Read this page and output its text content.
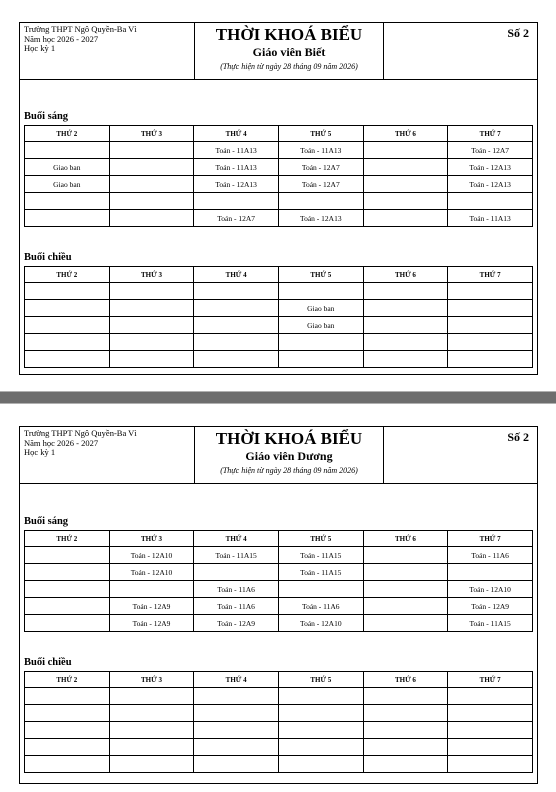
Trường THPT Ngô Quyền-Ba Vì
Năm học 2026 - 2027
Học kỳ 1
THỜI KHOÁ BIỂU
Giáo viên Biết
(Thực hiện từ ngày 28 tháng 09 năm 2026)
Số 2
Buổi sáng
THỨ 2	THỨ 3	THỨ 4	THỨ 5	THỨ 6	THỨ 7
		Toán - 11A13	Toán - 11A13		Toán - 12A7
Giao ban		Toán - 11A13	Toán - 12A7		Toán - 12A13
Giao ban		Toán - 12A13	Toán - 12A7		Toán - 12A13

		Toán - 12A7	Toán - 12A13		Toán - 11A13
Buổi chiều
THỨ 2	THỨ 3	THỨ 4	THỨ 5	THỨ 6	THỨ 7

			Giao ban		
			Giao ban		

Trường THPT Ngô Quyền-Ba Vì
Năm học 2026 - 2027
Học kỳ 1
THỜI KHOÁ BIỂU
Giáo viên Dương
(Thực hiện từ ngày 28 tháng 09 năm 2026)
Số 2
Buổi sáng
THỨ 2	THỨ 3	THỨ 4	THỨ 5	THỨ 6	THỨ 7
	Toán - 12A10	Toán - 11A15	Toán - 11A15		Toán - 11A6
	Toán - 12A10		Toán - 11A15		
		Toán - 11A6			Toán - 12A10
	Toán - 12A9	Toán - 11A6	Toán - 11A6		Toán - 12A9
	Toán - 12A9	Toán - 12A9	Toán - 12A10		Toán - 11A15
Buổi chiều
THỨ 2	THỨ 3	THỨ 4	THỨ 5	THỨ 6	THỨ 7
